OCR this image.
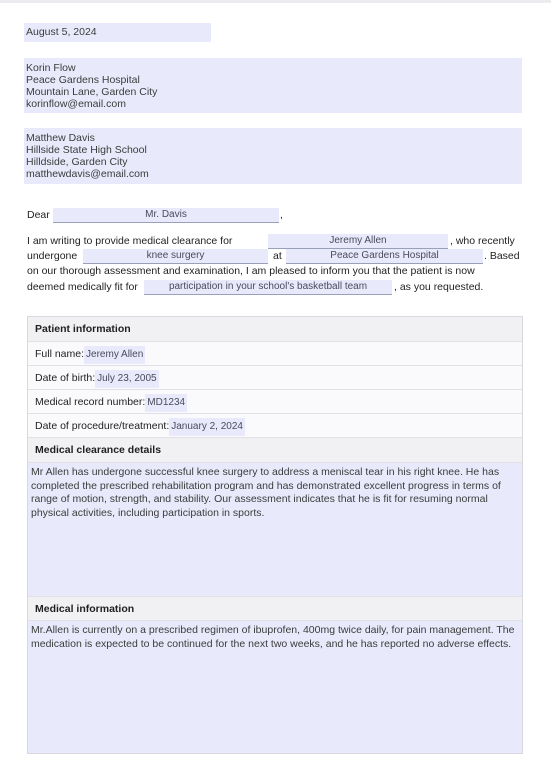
August 5, 2024
Korin Flow
Peace Gardens Hospital
Mountain Lane, Garden City
korinflow@email.com
Matthew Davis
Hillside State High School
Hilldside, Garden City
matthewdavis@email.com
Dear	Mr. Davis	,
I am writing to provide medical clearance for	Jeremy Allen	, who recently
undergone	knee surgery	at	Peace Gardens Hospital	. Based
on our thorough assessment and examination, I am pleased to inform you that the patient is now
deemed medically fit for	participation in your school's basketball team	, as you requested.
Patient information
Full name: Jeremy Allen
Date of birth: July 23, 2005
Medical record number: MD1234
Date of procedure/treatment: January 2, 2024
Medical clearance details
Mr Allen has undergone successful knee surgery to address a meniscal tear in his right knee. He has completed the prescribed rehabilitation program and has demonstrated excellent progress in terms of range of motion, strength, and stability. Our assessment indicates that he is fit for resuming normal physical activities, including participation in sports.
Medical information
Mr.Allen is currently on a prescribed regimen of ibuprofen, 400mg twice daily, for pain management. The medication is expected to be continued for the next two weeks, and he has reported no adverse effects.
